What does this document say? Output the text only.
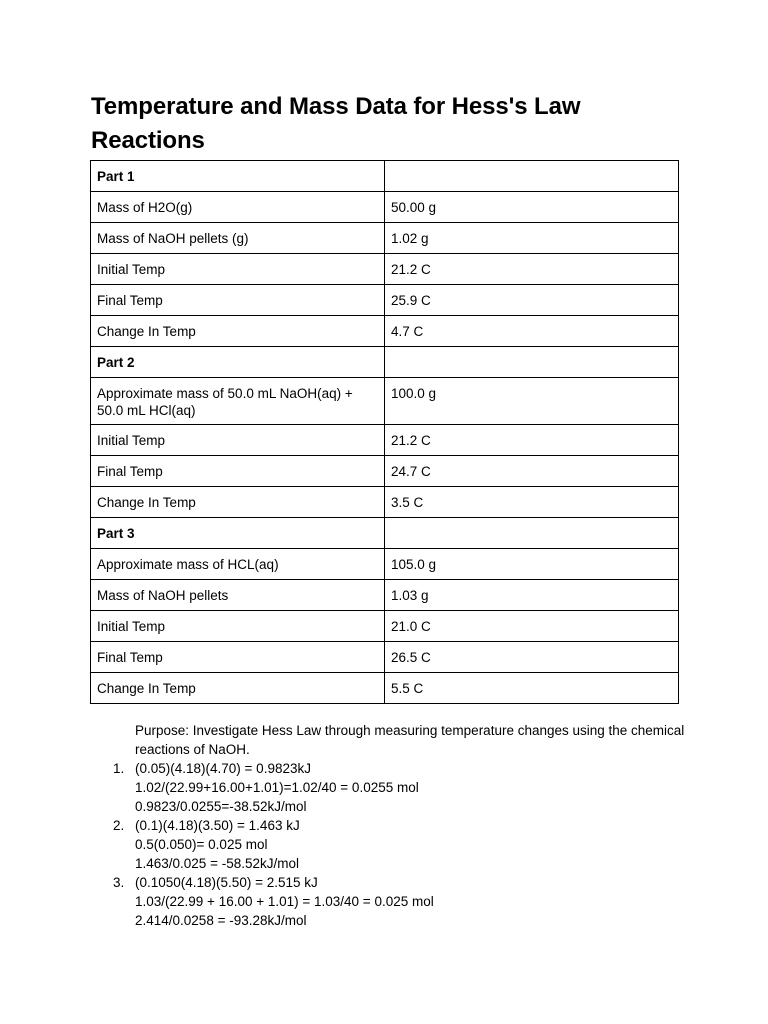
Temperature and Mass Data for Hess's Law Reactions
Part 1	
Mass of H2O(g)	50.00 g
Mass of NaOH pellets (g)	1.02 g
Initial Temp	21.2 C
Final Temp	25.9 C
Change In Temp	4.7 C
Part 2	
Approximate mass of 50.0 mL NaOH(aq) + 50.0 mL HCl(aq)	100.0 g
Initial Temp	21.2 C
Final Temp	24.7 C
Change In Temp	3.5 C
Part 3	
Approximate mass of HCL(aq)	105.0 g
Mass of NaOH pellets	1.03 g
Initial Temp	21.0 C
Final Temp	26.5 C
Change In Temp	5.5 C

Purpose: Investigate Hess Law through measuring temperature changes using the chemical reactions of NaOH.

1. (0.05)(4.18)(4.70) = 0.9823kJ
1.02/(22.99+16.00+1.01)=1.02/40 = 0.0255 mol
0.9823/0.0255=-38.52kJ/mol
2. (0.1)(4.18)(3.50) = 1.463 kJ
0.5(0.050)= 0.025 mol
1.463/0.025 = -58.52kJ/mol
3. (0.1050(4.18)(5.50) = 2.515 kJ
1.03/(22.99 + 16.00 + 1.01) = 1.03/40 = 0.025 mol
2.414/0.0258 = -93.28kJ/mol
